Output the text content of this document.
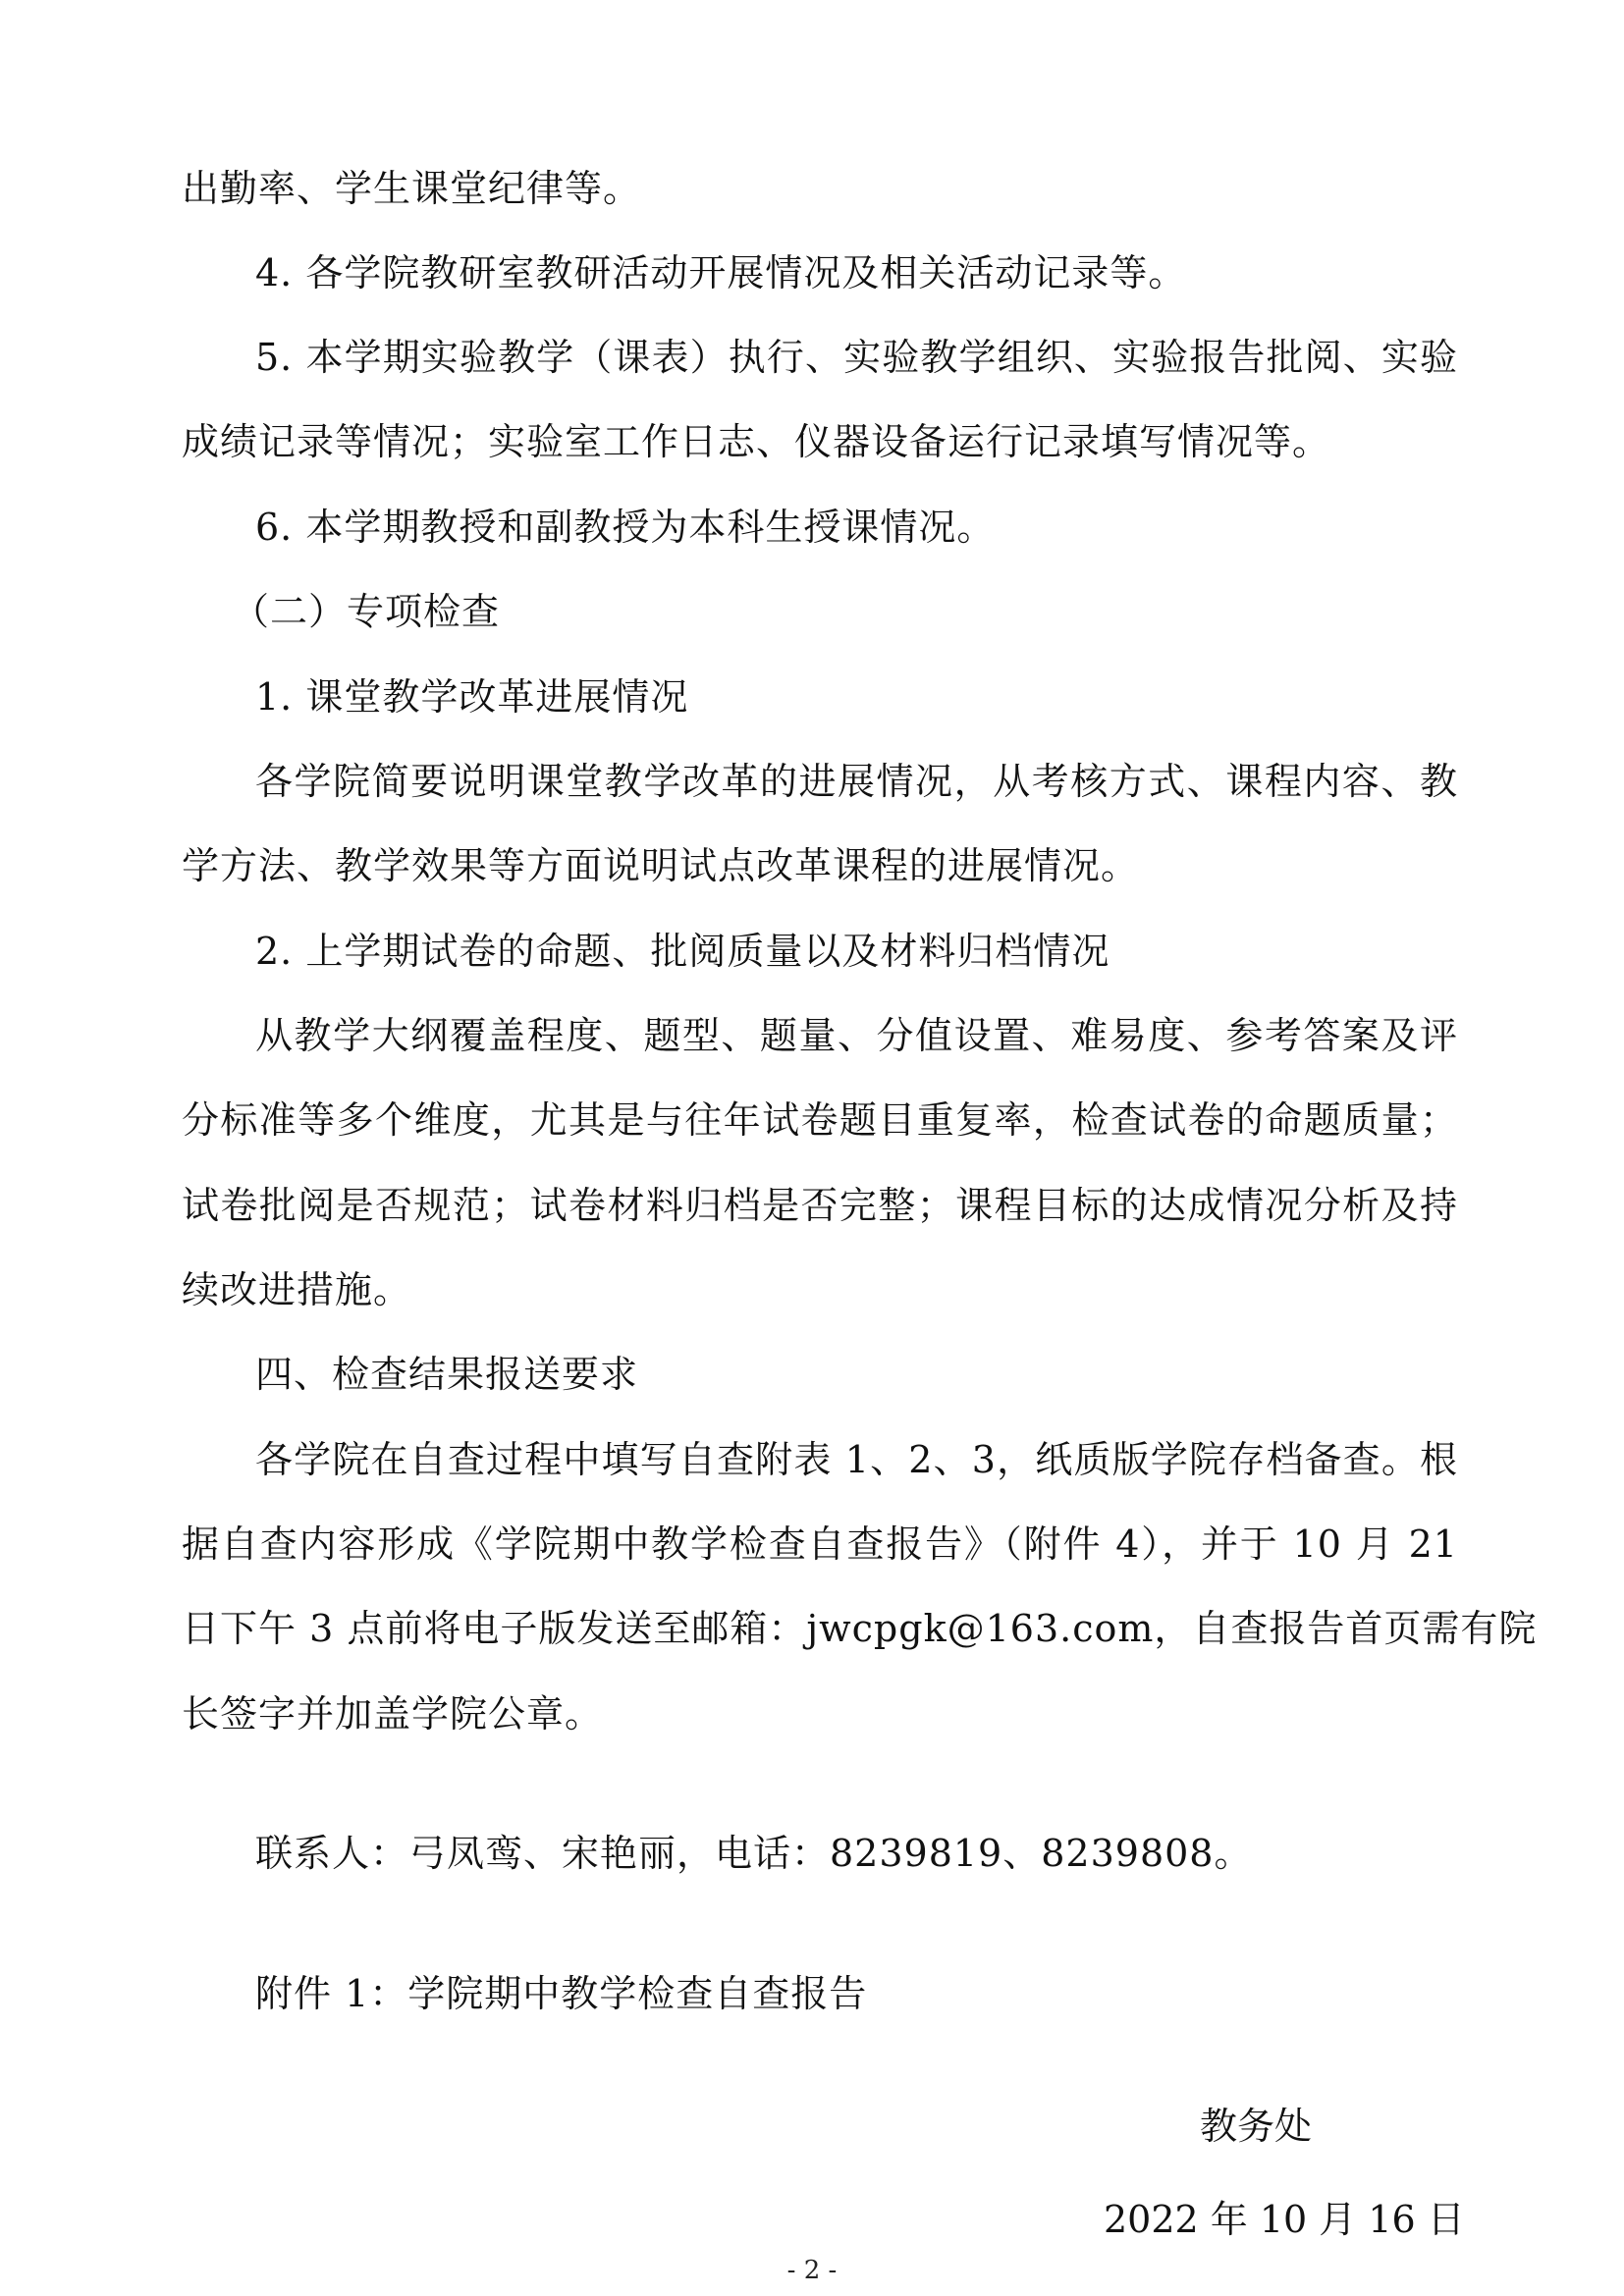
出勤率、学生课堂纪律等。
4. 各学院教研室教研活动开展情况及相关活动记录等。
5. 本学期实验教学（课表）执行、实验教学组织、实验报告批阅、实验
成绩记录等情况；实验室工作日志、仪器设备运行记录填写情况等。
6. 本学期教授和副教授为本科生授课情况。
（二）专项检查
1. 课堂教学改革进展情况
各学院简要说明课堂教学改革的进展情况，从考核方式、课程内容、教
学方法、教学效果等方面说明试点改革课程的进展情况。
2. 上学期试卷的命题、批阅质量以及材料归档情况
从教学大纲覆盖程度、题型、题量、分值设置、难易度、参考答案及评
分标准等多个维度，尤其是与往年试卷题目重复率，检查试卷的命题质量；
试卷批阅是否规范；试卷材料归档是否完整；课程目标的达成情况分析及持
续改进措施。
四、检查结果报送要求
各学院在自查过程中填写自查附表 1、2、3，纸质版学院存档备查。根
据自查内容形成《学院期中教学检查自查报告》（附件 4），并于 10 月 21
日下午 3 点前将电子版发送至邮箱：jwcpgk@163.com，自查报告首页需有院
长签字并加盖学院公章。
联系人：弓凤鸾、宋艳丽，电话：8239819、8239808。
附件 1：学院期中教学检查自查报告
教务处
2022 年 10 月 16 日
- 2 -
